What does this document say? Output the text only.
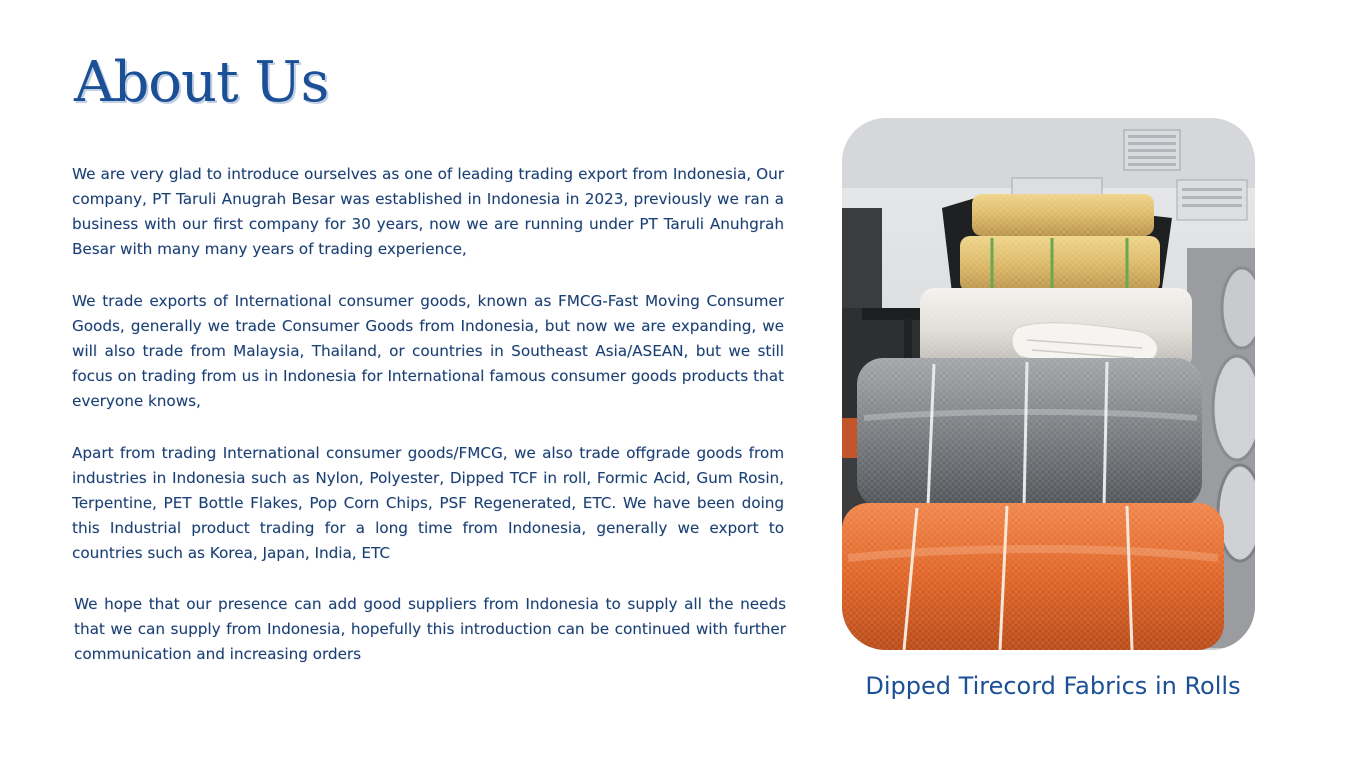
About Us

We are very glad to introduce ourselves as one of leading trading export from Indonesia, Our company, PT Taruli Anugrah Besar was established in Indonesia in 2023, previously we ran a business with our first company for 30 years, now we are running under PT Taruli Anuhgrah Besar with many many years of trading experience,

We trade exports of International consumer goods, known as FMCG-Fast Moving Consumer Goods, generally we trade Consumer Goods from Indonesia, but now we are expanding, we will also trade from Malaysia, Thailand, or countries in Southeast Asia/ASEAN, but we still focus on trading from us in Indonesia for International famous consumer goods products that everyone knows,

Apart from trading International consumer goods/FMCG, we also trade offgrade goods from industries in Indonesia such as Nylon, Polyester, Dipped TCF in roll, Formic Acid, Gum Rosin, Terpentine, PET Bottle Flakes, Pop Corn Chips, PSF Regenerated, ETC. We have been doing this Industrial product trading for a long time from Indonesia, generally we export to countries such as Korea, Japan, India, ETC

We hope that our presence can add good suppliers from Indonesia to supply all the needs that we can supply from Indonesia, hopefully this introduction can be continued with further communication and increasing orders

Dipped Tirecord Fabrics in Rolls
